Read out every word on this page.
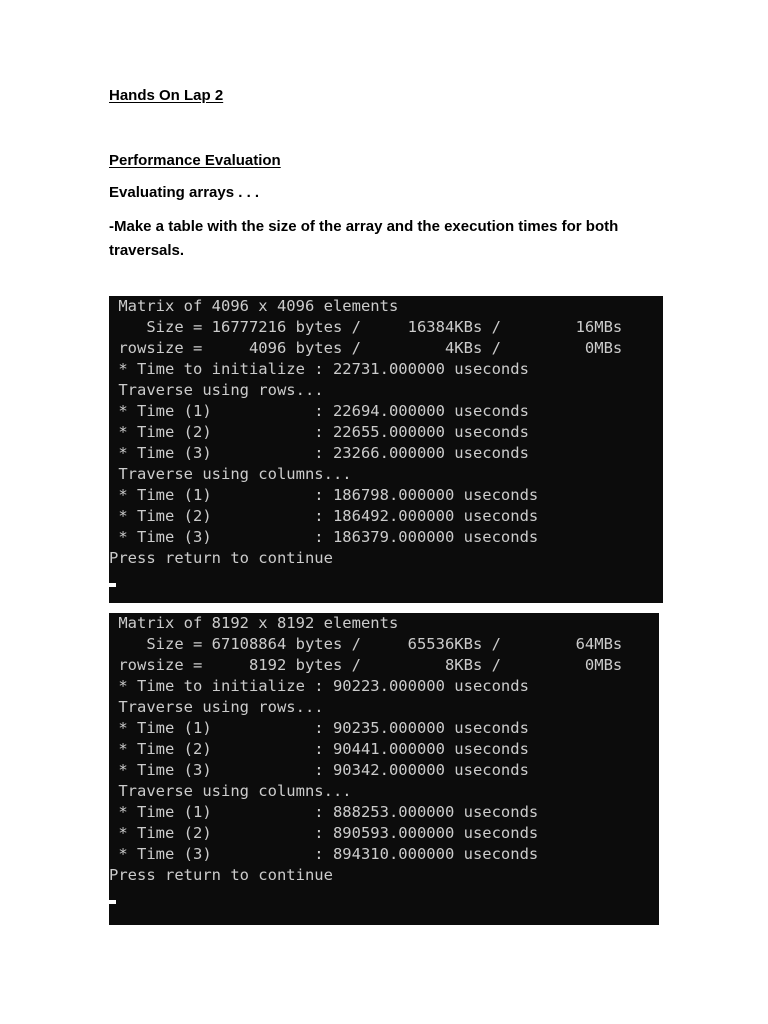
Hands On Lap 2
Performance Evaluation

Evaluating arrays . . .

-Make a table with the size of the array and the execution times for both traversals.

Matrix of 4096 x 4096 elements
Size = 16777216 bytes /     16384KBs /        16MBs
rowsize =     4096 bytes /         4KBs /         0MBs
* Time to initialize : 22731.000000 useconds
Traverse using rows...
* Time (1)           : 22694.000000 useconds
* Time (2)           : 22655.000000 useconds
* Time (3)           : 23266.000000 useconds
Traverse using columns...
* Time (1)           : 186798.000000 useconds
* Time (2)           : 186492.000000 useconds
* Time (3)           : 186379.000000 useconds
Press return to continue
Matrix of 8192 x 8192 elements
Size = 67108864 bytes /     65536KBs /        64MBs
rowsize =     8192 bytes /         8KBs /         0MBs
* Time to initialize : 90223.000000 useconds
Traverse using rows...
* Time (1)           : 90235.000000 useconds
* Time (2)           : 90441.000000 useconds
* Time (3)           : 90342.000000 useconds
Traverse using columns...
* Time (1)           : 888253.000000 useconds
* Time (2)           : 890593.000000 useconds
* Time (3)           : 894310.000000 useconds
Press return to continue
